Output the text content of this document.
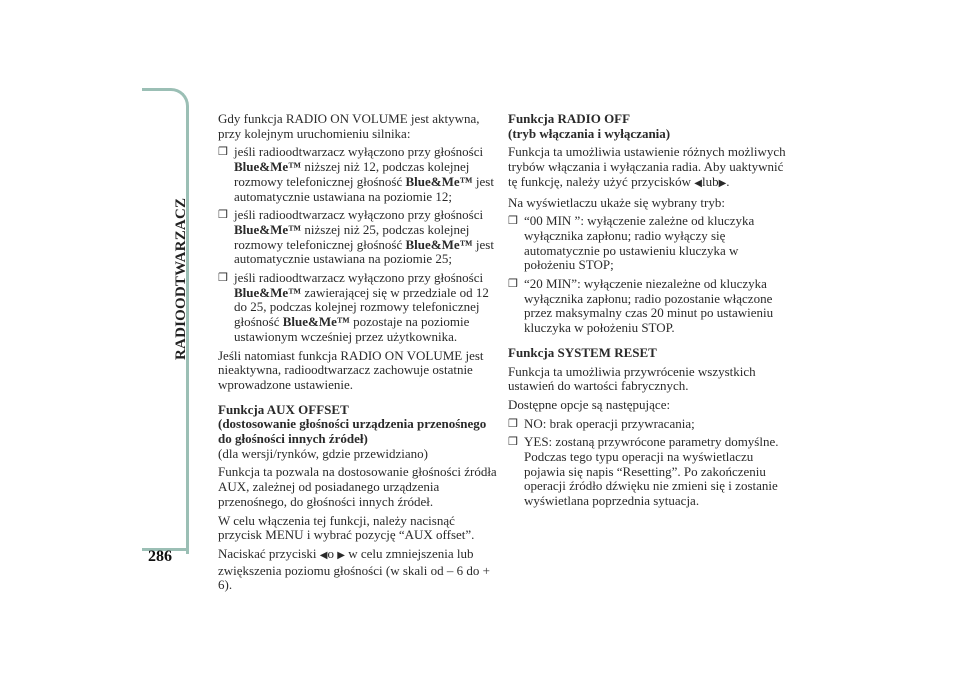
RADIOODTWARZACZ
286

Gdy funkcja RADIO ON VOLUME jest aktywna, przy kolejnym uruchomieniu silnika:

❒ jeśli radioodtwarzacz wyłączono przy głośności Blue&Me™ niższej niż 12, podczas kolejnej rozmowy telefonicznej głośność Blue&Me™ jest automatycznie ustawiana na poziomie 12;
❒ jeśli radioodtwarzacz wyłączono przy głośności Blue&Me™ niższej niż 25, podczas kolejnej rozmowy telefonicznej głośność Blue&Me™ jest automatycznie ustawiana na poziomie 25;
❒ jeśli radioodtwarzacz wyłączono przy głośności Blue&Me™ zawierającej się w przedziale od 12 do 25, podczas kolejnej rozmowy telefonicznej głośność Blue&Me™ pozostaje na poziomie ustawionym wcześniej przez użytkownika.

Jeśli natomiast funkcja RADIO ON VOLUME jest nieaktywna, radioodtwarzacz zachowuje ostatnie wprowadzone ustawienie.

Funkcja AUX OFFSET

(dostosowanie głośności urządzenia przenośnego do głośności innych źródeł)

(dla wersji/rynków, gdzie przewidziano)

Funkcja ta pozwala na dostosowanie głośności źródła AUX, zależnej od posiadanego urządzenia przenośnego, do głośności innych źródeł.

W celu włączenia tej funkcji, należy nacisnąć przycisk MENU i wybrać pozycję “AUX offset”.

Naciskać przyciski ◀o ▶ w celu zmniejszenia lub zwiększenia poziomu głośności (w skali od – 6 do + 6).

Funkcja RADIO OFF

(tryb włączania i wyłączania)

Funkcja ta umożliwia ustawienie różnych możliwych trybów włączania i wyłączania radia. Aby uaktywnić tę funkcję, należy użyć przycisków ◀lub▶.

Na wyświetlaczu ukaże się wybrany tryb:

❒ “00 MIN ”: wyłączenie zależne od kluczyka wyłącznika zapłonu; radio wyłączy się automatycznie po ustawieniu kluczyka w położeniu STOP;
❒ “20 MIN”: wyłączenie niezależne od kluczyka wyłącznika zapłonu; radio pozostanie włączone przez maksymalny czas 20 minut po ustawieniu kluczyka w położeniu STOP.

Funkcja SYSTEM RESET

Funkcja ta umożliwia przywrócenie wszystkich ustawień do wartości fabrycznych.

Dostępne opcje są następujące:

❒ NO: brak operacji przywracania;
❒ YES: zostaną przywrócone parametry domyślne. Podczas tego typu operacji na wyświetlaczu pojawia się napis “Resetting”. Po zakończeniu operacji źródło dźwięku nie zmieni się i zostanie wyświetlana poprzednia sytuacja.
